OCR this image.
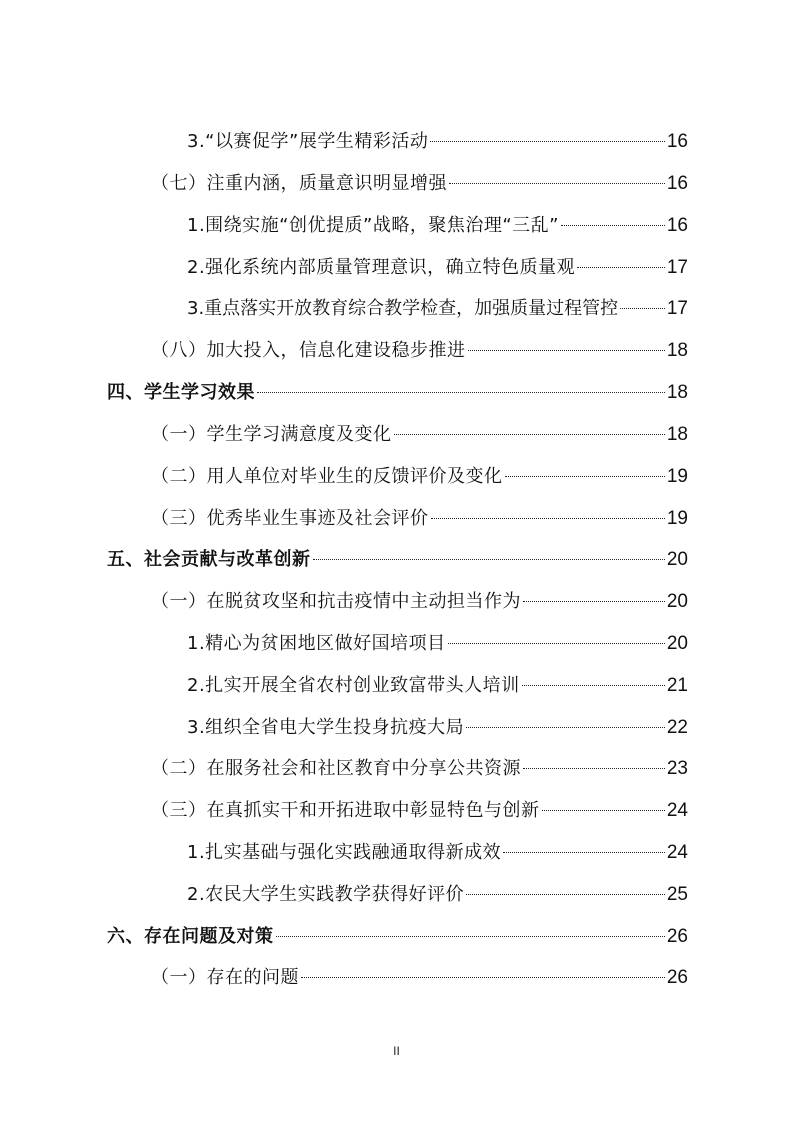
3.“以赛促学”展学生精彩活动	16
（七）注重内涵，质量意识明显增强	16
1.围绕实施“创优提质”战略，聚焦治理“三乱”	16
2.强化系统内部质量管理意识，确立特色质量观	17
3.重点落实开放教育综合教学检查，加强质量过程管控	17
（八）加大投入，信息化建设稳步推进	18
四、学生学习效果	18
（一）学生学习满意度及变化	18
（二）用人单位对毕业生的反馈评价及变化	19
（三）优秀毕业生事迹及社会评价	19
五、社会贡献与改革创新	20
（一）在脱贫攻坚和抗击疫情中主动担当作为	20
1.精心为贫困地区做好国培项目	20
2.扎实开展全省农村创业致富带头人培训	21
3.组织全省电大学生投身抗疫大局	22
（二）在服务社会和社区教育中分享公共资源	23
（三）在真抓实干和开拓进取中彰显特色与创新	24
1.扎实基础与强化实践融通取得新成效	24
2.农民大学生实践教学获得好评价	25
六、存在问题及对策	26
（一）存在的问题	26
II
